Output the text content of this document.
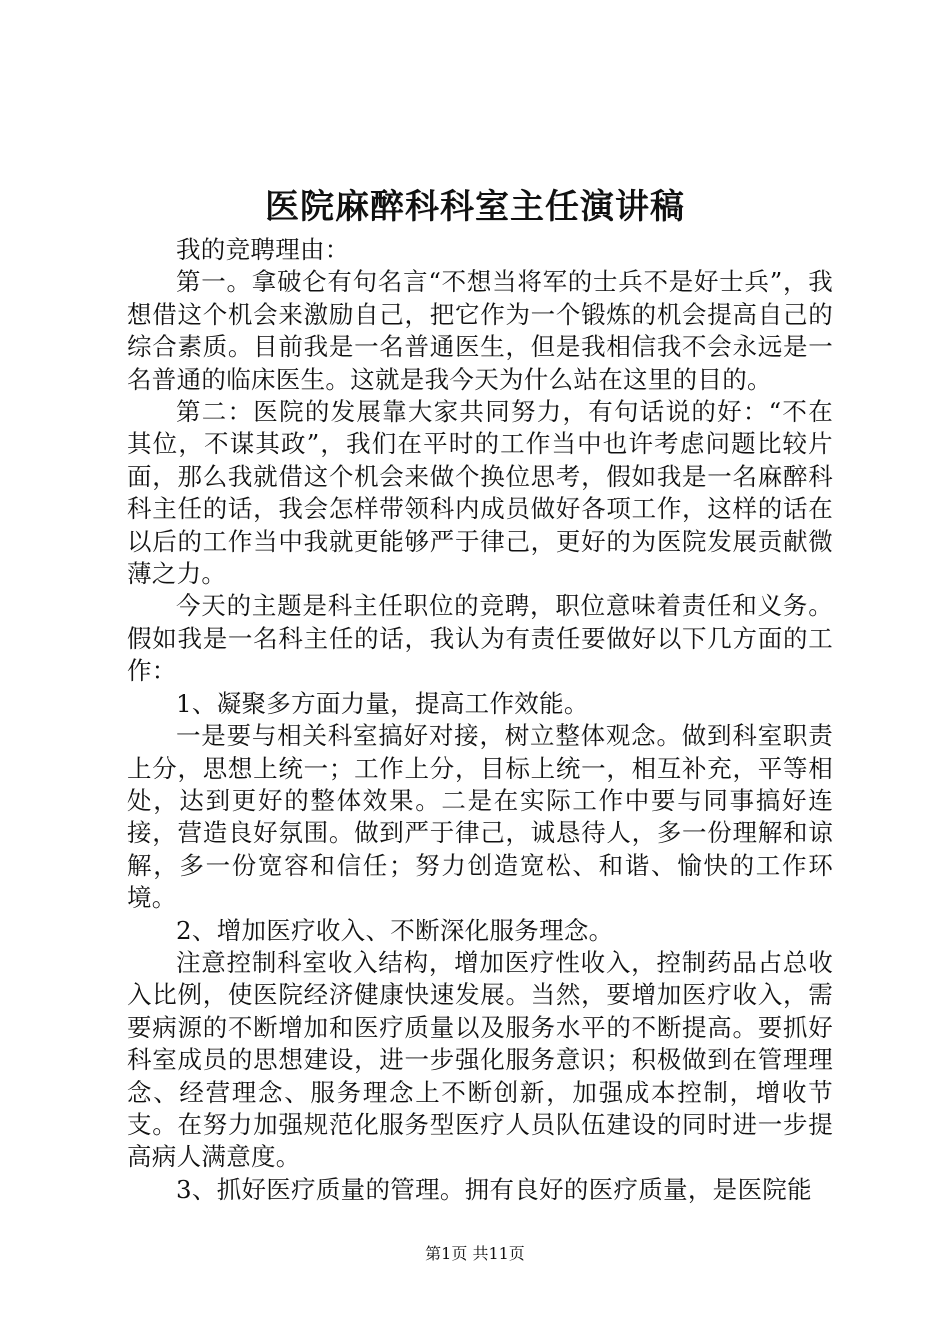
医院麻醉科科室主任演讲稿

我的竞聘理由：

第一。拿破仑有句名言“不想当将军的士兵不是好士兵”，我想借这个机会来激励自己，把它作为一个锻炼的机会提高自己的综合素质。目前我是一名普通医生，但是我相信我不会永远是一名普通的临床医生。这就是我今天为什么站在这里的目的。

第二：医院的发展靠大家共同努力，有句话说的好：“不在其位，不谋其政”，我们在平时的工作当中也许考虑问题比较片面，那么我就借这个机会来做个换位思考，假如我是一名麻醉科科主任的话，我会怎样带领科内成员做好各项工作，这样的话在以后的工作当中我就更能够严于律己，更好的为医院发展贡献微薄之力。

今天的主题是科主任职位的竞聘，职位意味着责任和义务。假如我是一名科主任的话，我认为有责任要做好以下几方面的工作：

1、凝聚多方面力量，提高工作效能。

一是要与相关科室搞好对接，树立整体观念。做到科室职责上分，思想上统一；工作上分，目标上统一，相互补充，平等相处，达到更好的整体效果。二是在实际工作中要与同事搞好连接，营造良好氛围。做到严于律己，诚恳待人，多一份理解和谅解，多一份宽容和信任；努力创造宽松、和谐、愉快的工作环境。

2、增加医疗收入、不断深化服务理念。

注意控制科室收入结构，增加医疗性收入，控制药品占总收入比例，使医院经济健康快速发展。当然，要增加医疗收入，需要病源的不断增加和医疗质量以及服务水平的不断提高。要抓好科室成员的思想建设，进一步强化服务意识；积极做到在管理理念、经营理念、服务理念上不断创新，加强成本控制，增收节支。在努力加强规范化服务型医疗人员队伍建设的同时进一步提高病人满意度。

3、抓好医疗质量的管理。拥有良好的医疗质量，是医院能

第1页 共11页
